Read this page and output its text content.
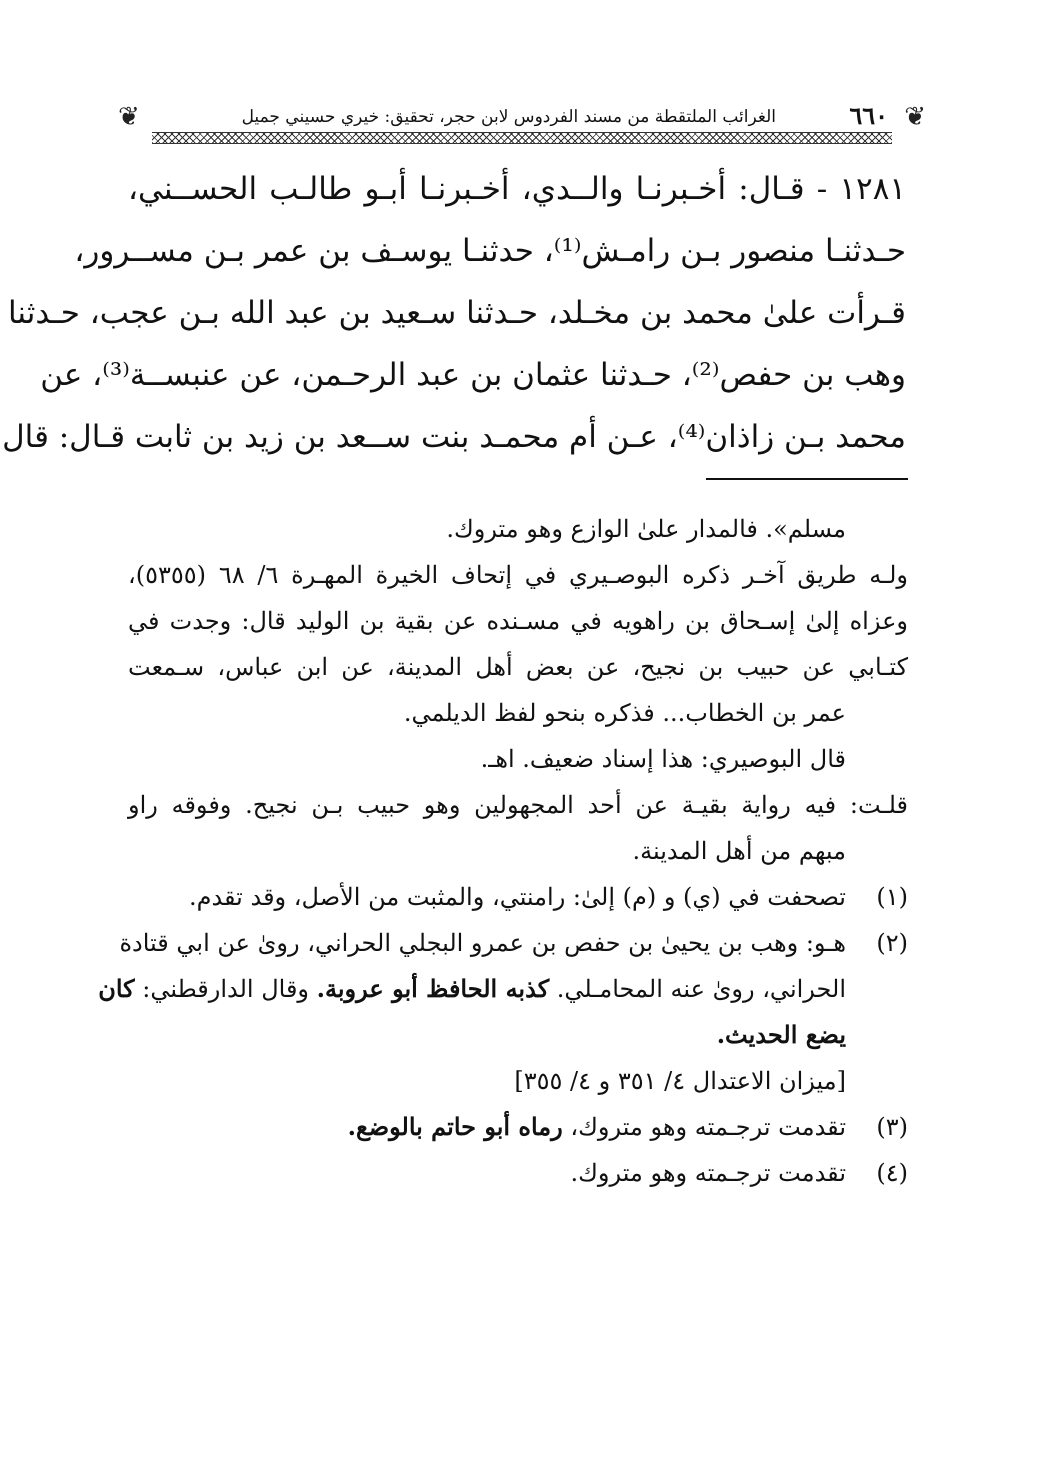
❦
٦٦٠
الغرائب الملتقطة من مسند الفردوس لابن حجر، تحقيق: خيري حسيني جميل
❦
١٢٨١ - قـال: أخـبرنـا والــدي، أخـبرنـا أبـو طالـب الحســني،
حـدثنـا منصور بـن رامـش⁽¹⁾، حدثنـا يوسـف بن عمر بـن مســرور،
قـرأت علىٰ محمد بن مخـلد، حـدثنا سـعيد بن عبد الله بـن عجب، حـدثنا
وهب بن حفص⁽²⁾، حـدثنا عثمان بن عبد الرحـمن، عن عنبســة⁽³⁾، عن
محمد بـن زاذان⁽⁴⁾، عـن أم محمـد بنت ســعد بن زيد بن ثابت قـال: قال
مسلم». فالمدار علىٰ الوازع وهو متروك.
ولـه طريق آخـر ذكره البوصـيري في إتحاف الخيرة المهـرة ٦/ ٦٨ (٥٣٥٥)،
وعزاه إلىٰ إسـحاق بن راهويه في مسـنده عن بقية بن الوليد قال: وجدت في
كتـابي عن حبيب بن نجيح، عن بعض أهل المدينة، عن ابن عباس، سـمعت
عمر بن الخطاب... فذكره بنحو لفظ الديلمي.
قال البوصيري: هذا إسناد ضعيف. اهـ.
قلـت: فيه رواية بقيـة عن أحد المجهولين وهو حبيب بـن نجيح. وفوقه راو
مبهم من أهل المدينة.
(١)
تصحفت في (ي) و (م) إلىٰ: رامنتي، والمثبت من الأصل، وقد تقدم.
(٢)
هـو: وهب بن يحيىٰ بن حفص بن عمرو البجلي الحراني، روىٰ عن ابي قتادة
الحراني، روىٰ عنه المحامـلي. كذبه الحافظ أبو عروبة. وقال الدارقطني: كان
يضع الحديث.
[ميزان الاعتدال ٤/ ٣٥١ و ٤/ ٣٥٥]
(٣)
تقدمت ترجـمته وهو متروك، رماه أبو حاتم بالوضع.
(٤)
تقدمت ترجـمته وهو متروك.
